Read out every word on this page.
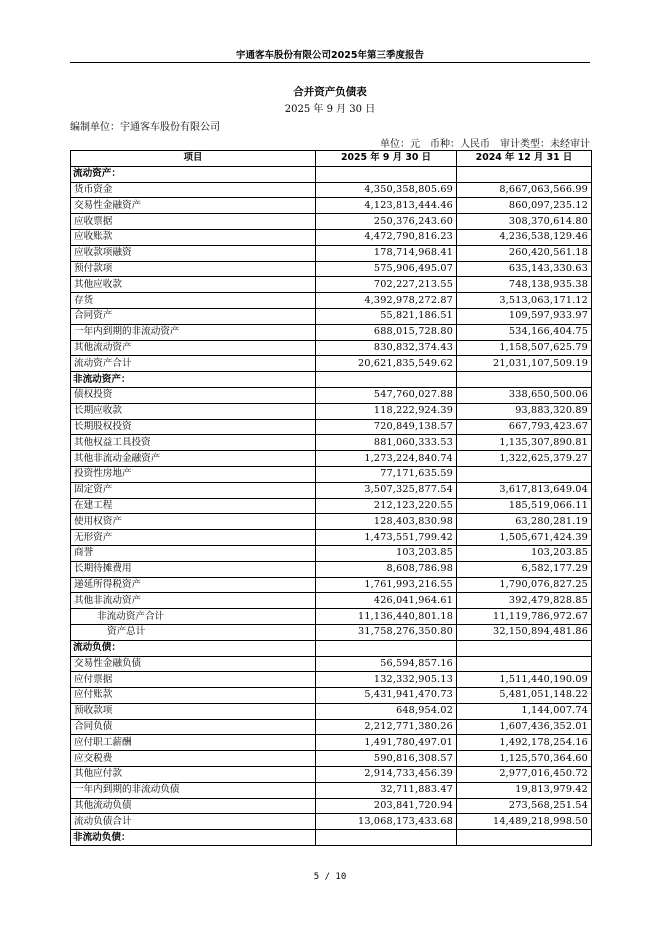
宇通客车股份有限公司2025年第三季度报告
合并资产负债表
2025 年 9 月 30 日
编制单位：宇通客车股份有限公司
单位：元 币种：人民币 审计类型：未经审计
项目	2025 年 9 月 30 日	2024 年 12 月 31 日
流动资产：		
货币资金	4,350,358,805.69	8,667,063,566.99
交易性金融资产	4,123,813,444.46	860,097,235.12
应收票据	250,376,243.60	308,370,614.80
应收账款	4,472,790,816.23	4,236,538,129.46
应收款项融资	178,714,968.41	260,420,561.18
预付款项	575,906,495.07	635,143,330.63
其他应收款	702,227,213.55	748,138,935.38
存货	4,392,978,272.87	3,513,063,171.12
合同资产	55,821,186.51	109,597,933.97
一年内到期的非流动资产	688,015,728.80	534,166,404.75
其他流动资产	830,832,374.43	1,158,507,625.79
流动资产合计	20,621,835,549.62	21,031,107,509.19
非流动资产：		
债权投资	547,760,027.88	338,650,500.06
长期应收款	118,222,924.39	93,883,320.89
长期股权投资	720,849,138.57	667,793,423.67
其他权益工具投资	881,060,333.53	1,135,307,890.81
其他非流动金融资产	1,273,224,840.74	1,322,625,379.27
投资性房地产	77,171,635.59	
固定资产	3,507,325,877.54	3,617,813,649.04
在建工程	212,123,220.55	185,519,066.11
使用权资产	128,403,830.98	63,280,281.19
无形资产	1,473,551,799.42	1,505,671,424.39
商誉	103,203.85	103,203.85
长期待摊费用	8,608,786.98	6,582,177.29
递延所得税资产	1,761,993,216.55	1,790,076,827.25
其他非流动资产	426,041,964.61	392,479,828.85
非流动资产合计	11,136,440,801.18	11,119,786,972.67
资产总计	31,758,276,350.80	32,150,894,481.86
流动负债：		
交易性金融负债	56,594,857.16	
应付票据	132,332,905.13	1,511,440,190.09
应付账款	5,431,941,470.73	5,481,051,148.22
预收款项	648,954.02	1,144,007.74
合同负债	2,212,771,380.26	1,607,436,352.01
应付职工薪酬	1,491,780,497.01	1,492,178,254.16
应交税费	590,816,308.57	1,125,570,364.60
其他应付款	2,914,733,456.39	2,977,016,450.72
一年内到期的非流动负债	32,711,883.47	19,813,979.42
其他流动负债	203,841,720.94	273,568,251.54
流动负债合计	13,068,173,433.68	14,489,218,998.50
非流动负债：		
5 / 10
